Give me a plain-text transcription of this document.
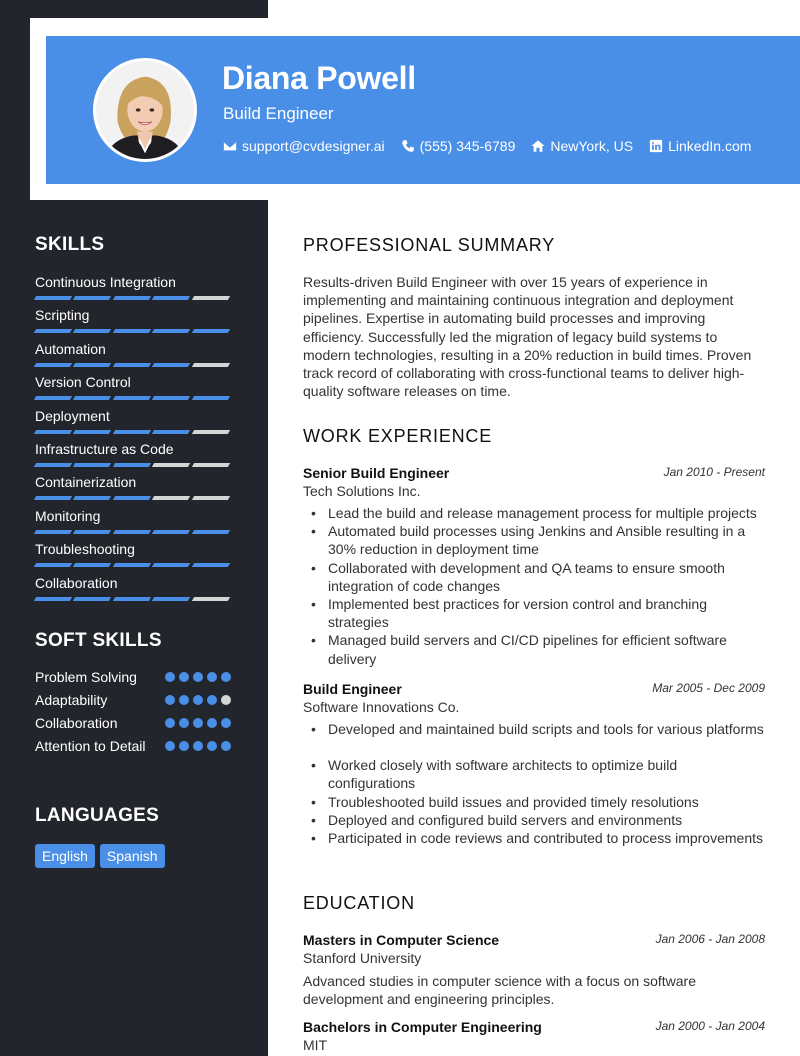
Diana Powell
Build Engineer
support@cvdesigner.ai	(555) 345-6789	NewYork, US	LinkedIn.com
SKILLS
Continuous Integration
Scripting
Automation
Version Control
Deployment
Infrastructure as Code
Containerization
Monitoring
Troubleshooting
Collaboration
SOFT SKILLS
Problem Solving
Adaptability
Collaboration
Attention to Detail
LANGUAGES
English	Spanish
PROFESSIONAL SUMMARY
Results-driven Build Engineer with over 15 years of experience in implementing and maintaining continuous integration and deployment pipelines. Expertise in automating build processes and improving efficiency. Successfully led the migration of legacy build systems to modern technologies, resulting in a 20% reduction in build times. Proven track record of collaborating with cross-functional teams to deliver high-quality software releases on time.
WORK EXPERIENCE
Senior Build Engineer	Jan 2010 - Present
Tech Solutions Inc.
• Lead the build and release management process for multiple projects
• Automated build processes using Jenkins and Ansible resulting in a 30% reduction in deployment time
• Collaborated with development and QA teams to ensure smooth integration of code changes
• Implemented best practices for version control and branching strategies
• Managed build servers and CI/CD pipelines for efficient software delivery
Build Engineer	Mar 2005 - Dec 2009
Software Innovations Co.
• Developed and maintained build scripts and tools for various platforms
• Worked closely with software architects to optimize build configurations
• Troubleshooted build issues and provided timely resolutions
• Deployed and configured build servers and environments
• Participated in code reviews and contributed to process improvements
EDUCATION
Masters in Computer Science	Jan 2006 - Jan 2008
Stanford University
Advanced studies in computer science with a focus on software development and engineering principles.
Bachelors in Computer Engineering	Jan 2000 - Jan 2004
MIT
